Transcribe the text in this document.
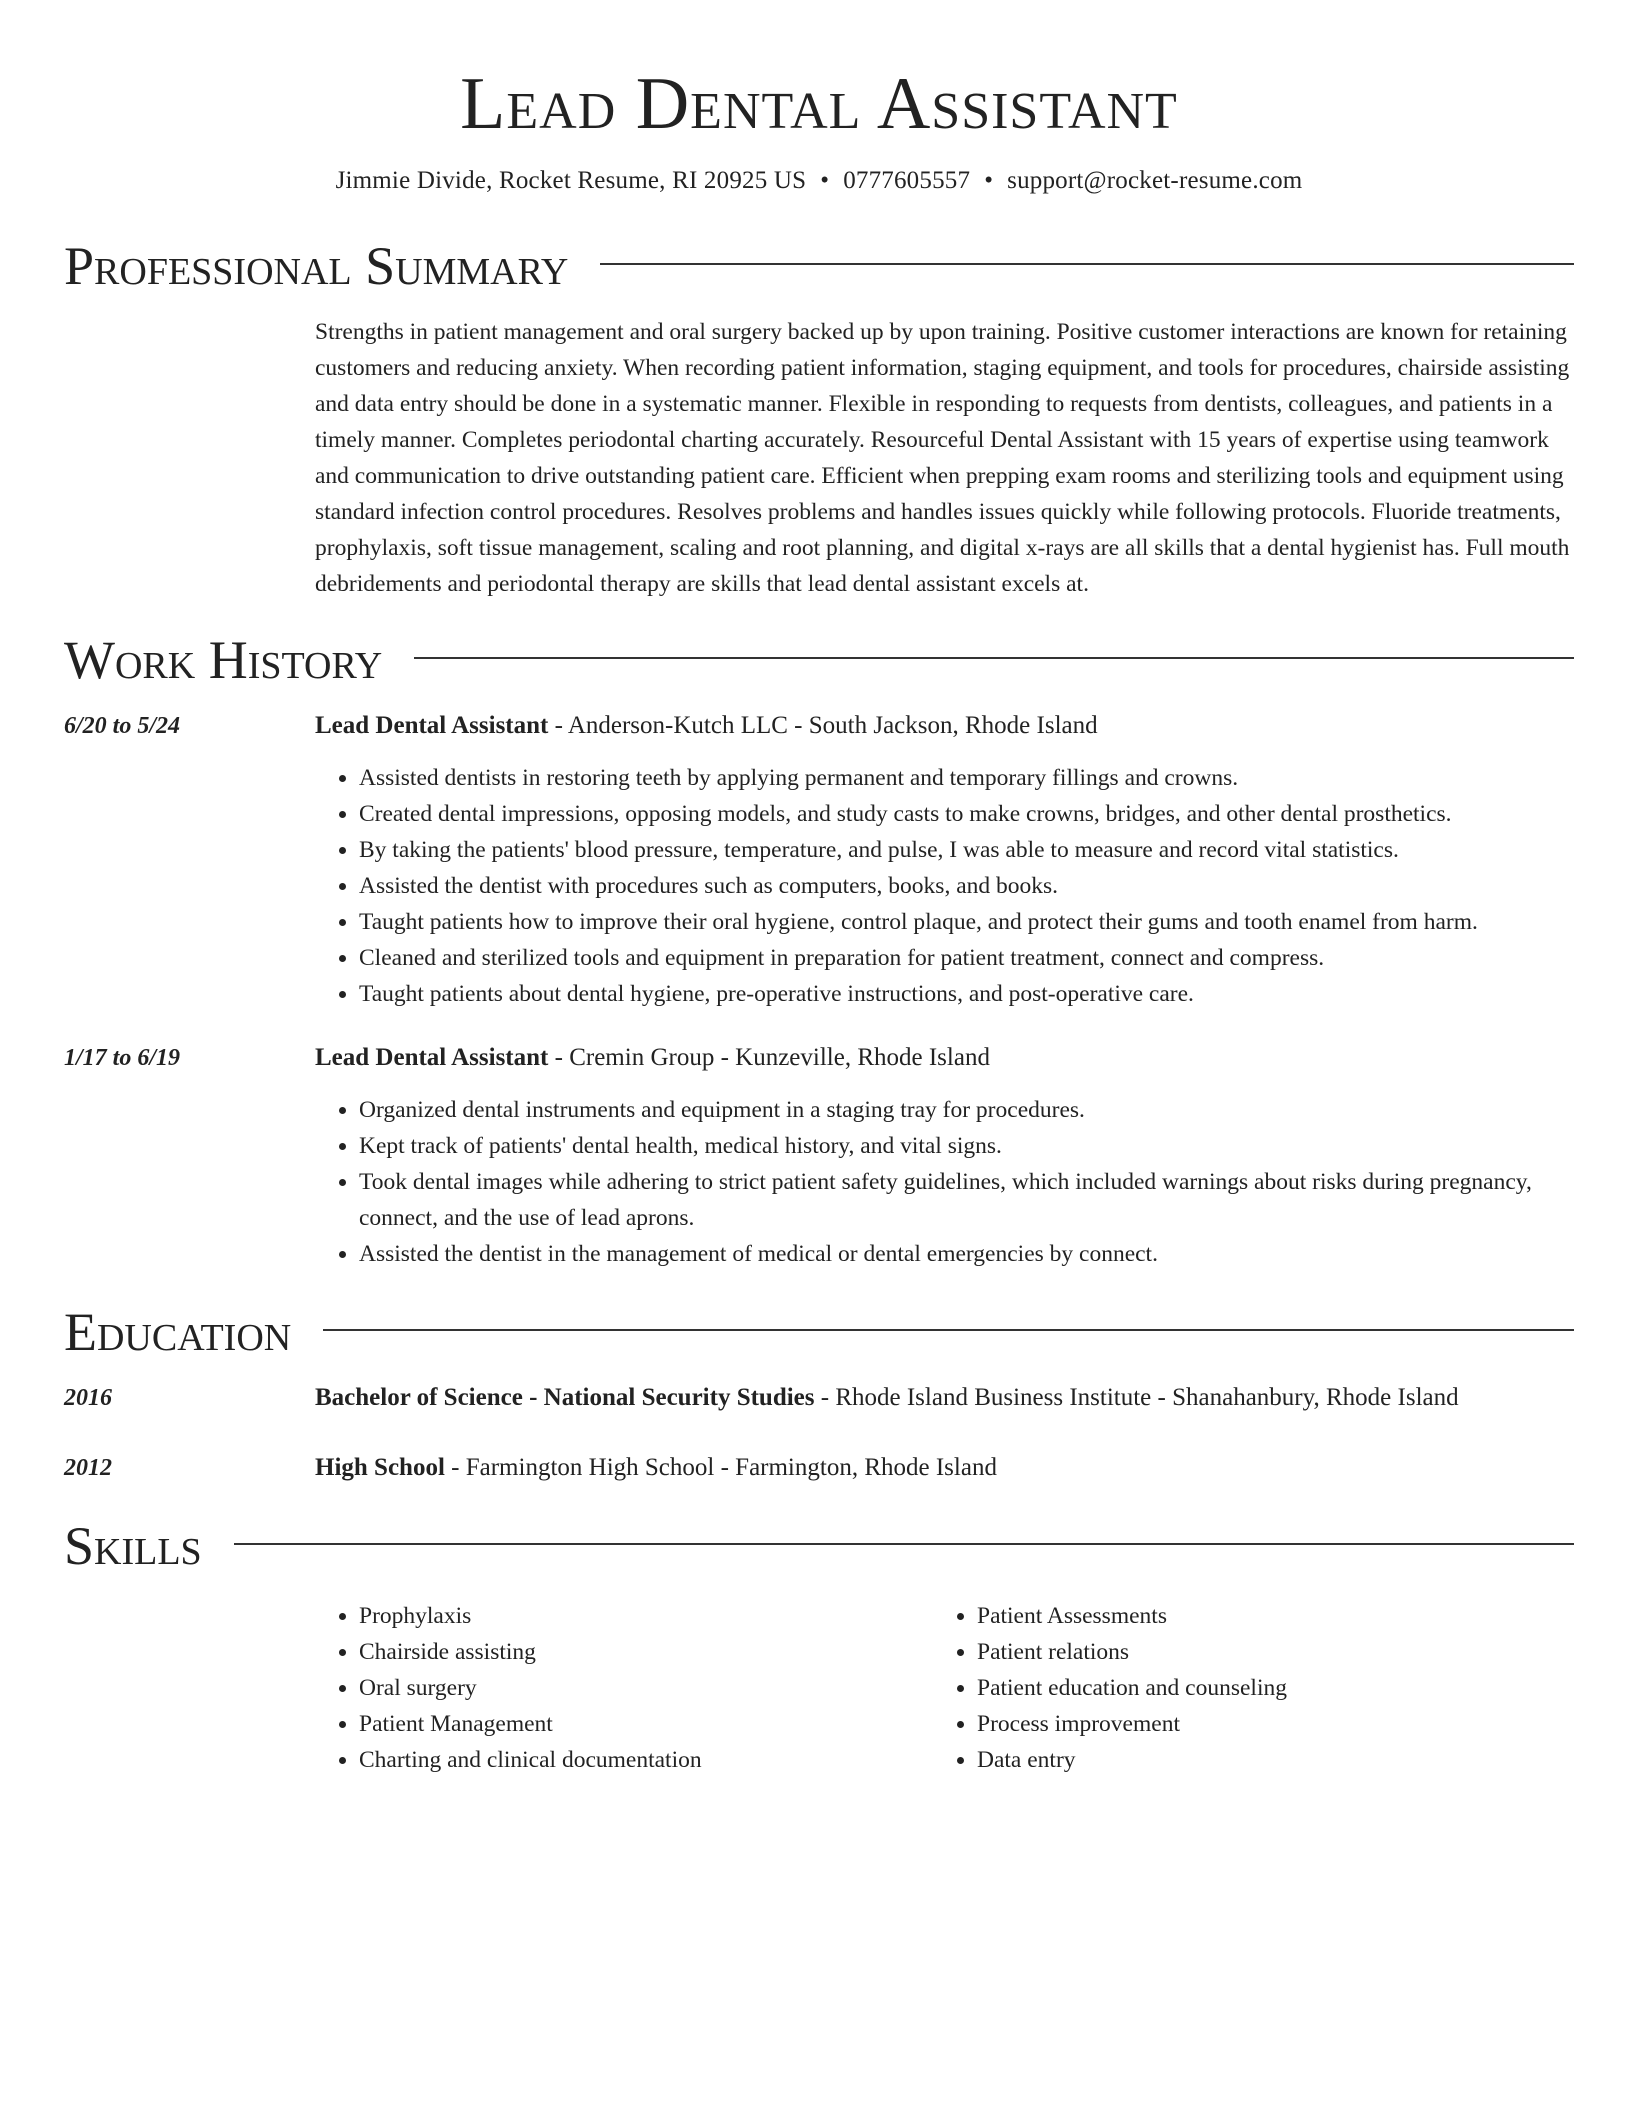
Lead Dental Assistant
Jimmie Divide, Rocket Resume, RI 20925 US • 0777605557 • support@rocket-resume.com
Professional Summary

Strengths in patient management and oral surgery backed up by upon training. Positive customer interactions are known for retaining customers and reducing anxiety. When recording patient information, staging equipment, and tools for procedures, chairside assisting and data entry should be done in a systematic manner. Flexible in responding to requests from dentists, colleagues, and patients in a timely manner. Completes periodontal charting accurately. Resourceful Dental Assistant with 15 years of expertise using teamwork and communication to drive outstanding patient care. Efficient when prepping exam rooms and sterilizing tools and equipment using standard infection control procedures. Resolves problems and handles issues quickly while following protocols. Fluoride treatments, prophylaxis, soft tissue management, scaling and root planning, and digital x-rays are all skills that a dental hygienist has. Full mouth debridements and periodontal therapy are skills that lead dental assistant excels at.

Work History
6/20 to 5/24	Lead Dental Assistant - Anderson-Kutch LLC - South Jackson, Rhode Island
• Assisted dentists in restoring teeth by applying permanent and temporary fillings and crowns.
• Created dental impressions, opposing models, and study casts to make crowns, bridges, and other dental prosthetics.
• By taking the patients' blood pressure, temperature, and pulse, I was able to measure and record vital statistics.
• Assisted the dentist with procedures such as computers, books, and books.
• Taught patients how to improve their oral hygiene, control plaque, and protect their gums and tooth enamel from harm.
• Cleaned and sterilized tools and equipment in preparation for patient treatment, connect and compress.
• Taught patients about dental hygiene, pre-operative instructions, and post-operative care.
1/17 to 6/19	Lead Dental Assistant - Cremin Group - Kunzeville, Rhode Island
• Organized dental instruments and equipment in a staging tray for procedures.
• Kept track of patients' dental health, medical history, and vital signs.
• Took dental images while adhering to strict patient safety guidelines, which included warnings about risks during pregnancy, connect, and the use of lead aprons.
• Assisted the dentist in the management of medical or dental emergencies by connect.
Education
2016	Bachelor of Science - National Security Studies - Rhode Island Business Institute - Shanahanbury, Rhode Island
2012	High School - Farmington High School - Farmington, Rhode Island
Skills
• Prophylaxis
• Chairside assisting
• Oral surgery
• Patient Management
• Charting and clinical documentation
• Patient Assessments
• Patient relations
• Patient education and counseling
• Process improvement
• Data entry
